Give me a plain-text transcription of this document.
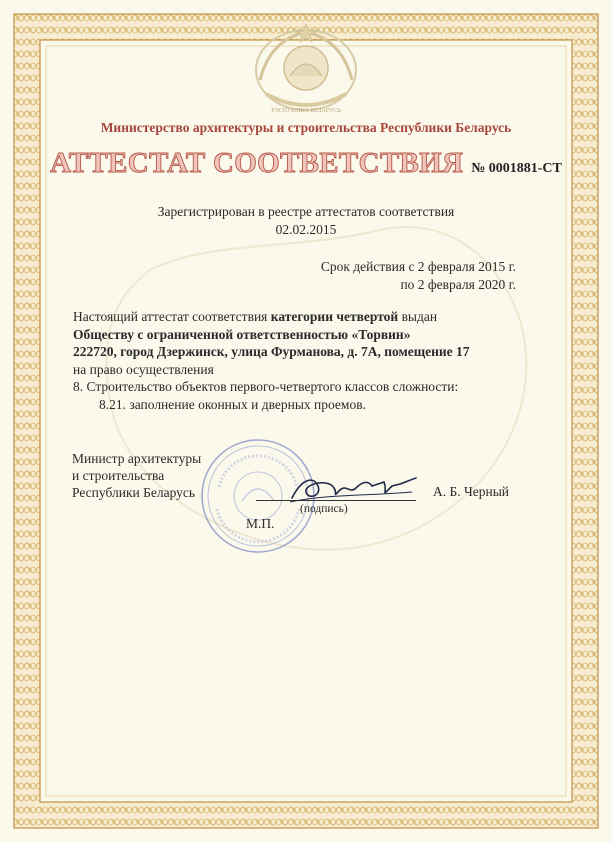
РЭСПУБЛІКА БЕЛАРУСЬ
Министерство архитектуры и строительства Республики Беларусь
АТТЕСТАТ СООТВЕТСТВИЯ № 0001881-СТ
Зарегистрирован в реестре аттестатов соответствия
02.02.2015
Срок действия с 2 февраля 2015 г.
по 2 февраля 2020 г.
Настоящий аттестат соответствия категории четвертой выдан
Обществу с ограниченной ответственностью «Торвин»
222720, город Дзержинск, улица Фурманова, д. 7А, помещение 17
на право осуществления
8. Строительство объектов первого-четвертого классов сложности:
8.21. заполнение оконных и дверных проемов.
Министр архитектуры
и строительства
Республики Беларусь
(подпись)
А. Б. Черный
М.П.
